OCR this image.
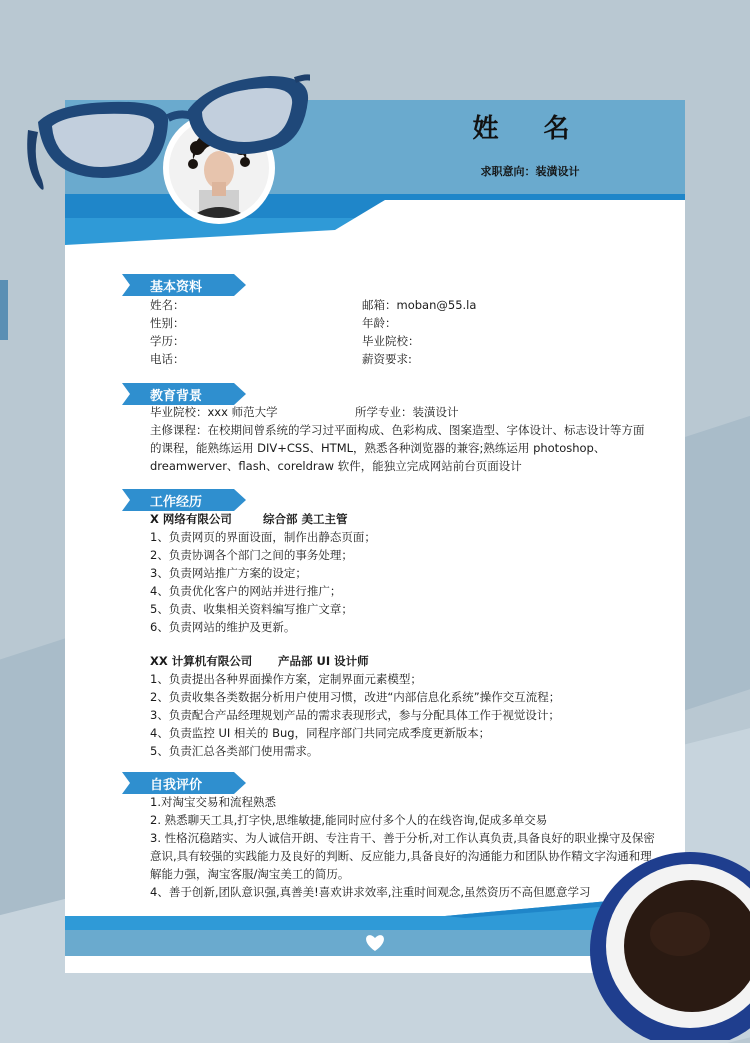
姓 名
求职意向：装潢设计
基本资料
姓名：	邮箱：moban@55.la
性别：	年龄：
学历：	毕业院校：
电话：	薪资要求:
教育背景
毕业院校：xxx 师范大学	所学专业：装潢设计
主修课程：在校期间曾系统的学习过平面构成、色彩构成、图案造型、字体设计、标志设计等方面
的课程，能熟练运用 DIV+CSS、HTML，熟悉各种浏览器的兼容;熟练运用 photoshop、
dreamwerver、flash、coreldraw 软件，能独立完成网站前台页面设计
工作经历
X 网络有限公司	综合部 美工主管
1、负责网页的界面设面，制作出静态页面；
2、负责协调各个部门之间的事务处理；
3、负责网站推广方案的设定；
4、负责优化客户的网站并进行推广；
5、负责、收集相关资料编写推广文章；
6、负责网站的维护及更新。
XX 计算机有限公司 产品部 UI 设计师
1、负责提出各种界面操作方案，定制界面元素模型；
2、负责收集各类数据分析用户使用习惯，改进“内部信息化系统”操作交互流程；
3、负责配合产品经理规划产品的需求表现形式，参与分配具体工作于视觉设计；
4、负责监控 UI 相关的 Bug，同程序部门共同完成季度更新版本；
5、负责汇总各类部门使用需求。
自我评价
1.对淘宝交易和流程熟悉
2. 熟悉聊天工具,打字快,思维敏捷,能同时应付多个人的在线咨询,促成多单交易
3. 性格沉稳踏实、为人诚信开朗、专注肯干、善于分析,对工作认真负责,具备良好的职业操守及保密
意识,具有较强的实践能力及良好的判断、反应能力,具备良好的沟通能力和团队协作精文字沟通和理
解能力强，淘宝客服/淘宝美工的简历。
4、善于创新,团队意识强,真善美!喜欢讲求效率,注重时间观念,虽然资历不高但愿意学习
